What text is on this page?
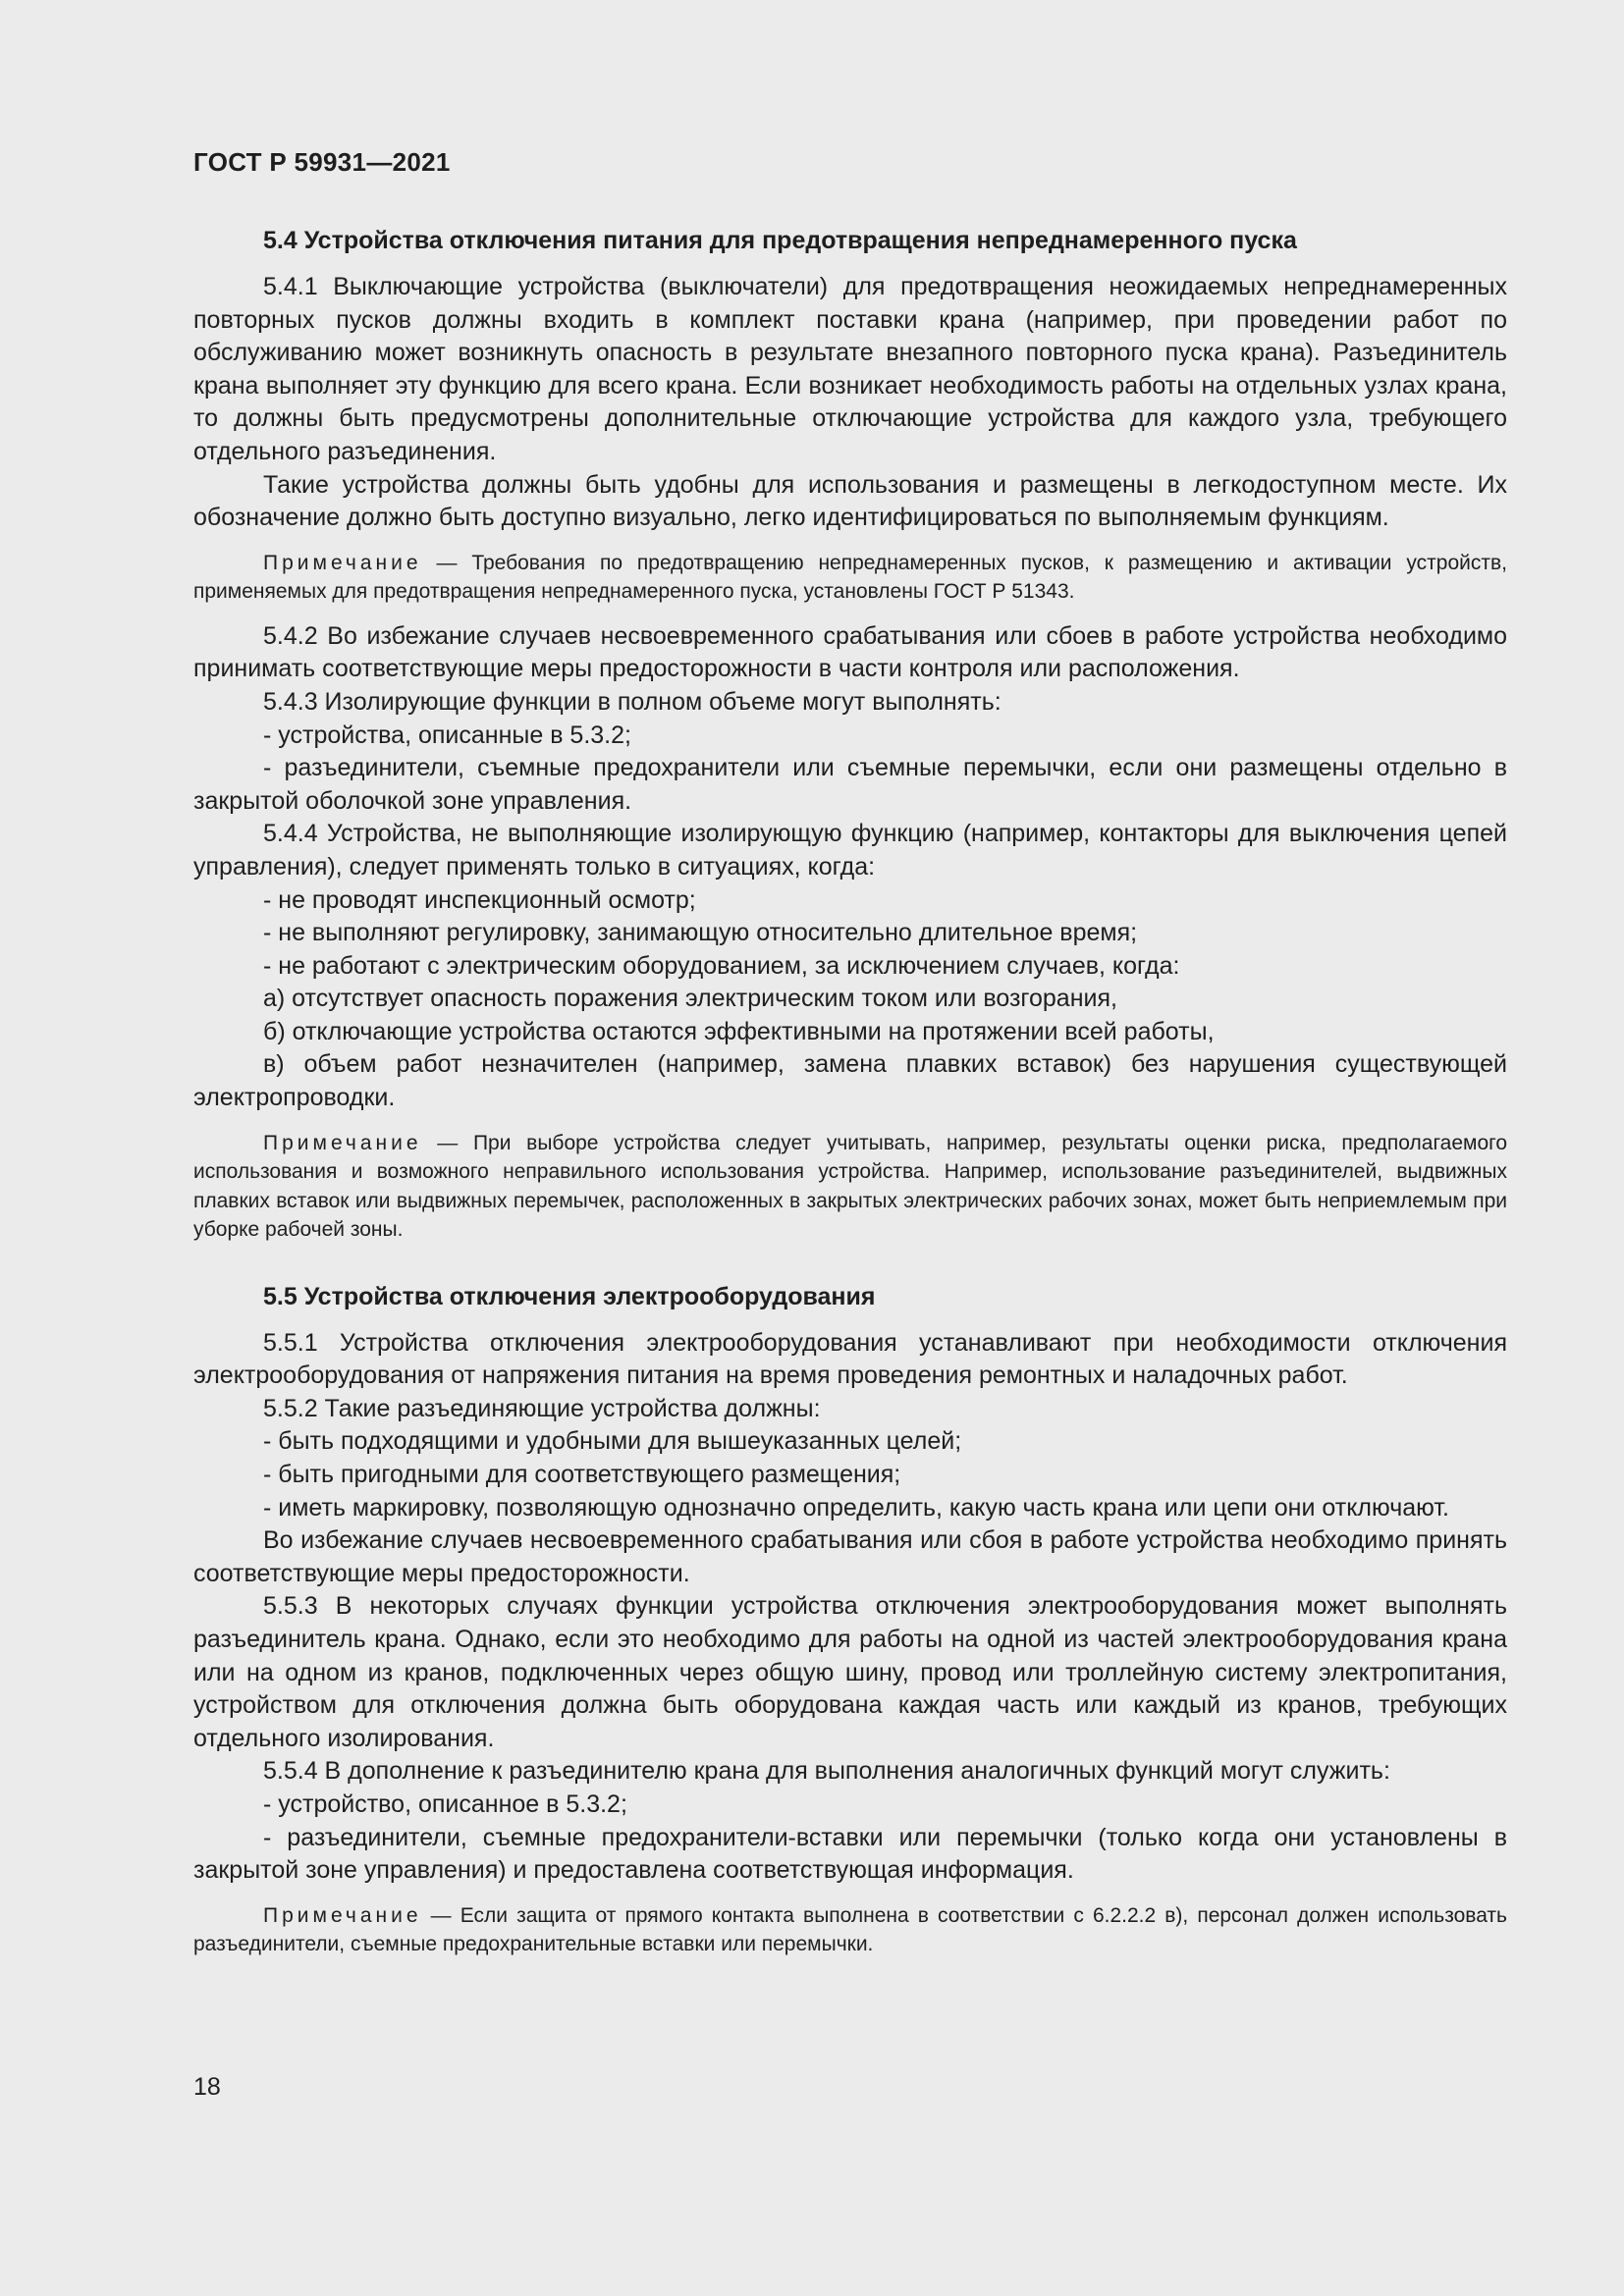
ГОСТ Р 59931—2021
5.4 Устройства отключения питания для предотвращения непреднамеренного пуска

5.4.1 Выключающие устройства (выключатели) для предотвращения неожидаемых непреднамеренных повторных пусков должны входить в комплект поставки крана (например, при проведении работ по обслуживанию может возникнуть опасность в результате внезапного повторного пуска крана). Разъединитель крана выполняет эту функцию для всего крана. Если возникает необходимость работы на отдельных узлах крана, то должны быть предусмотрены дополнительные отключающие устройства для каждого узла, требующего отдельного разъединения.

Такие устройства должны быть удобны для использования и размещены в легкодоступном месте. Их обозначение должно быть доступно визуально, легко идентифицироваться по выполняемым функциям.

Примечание — Требования по предотвращению непреднамеренных пусков, к размещению и активации устройств, применяемых для предотвращения непреднамеренного пуска, установлены ГОСТ Р 51343.

5.4.2 Во избежание случаев несвоевременного срабатывания или сбоев в работе устройства необходимо принимать соответствующие меры предосторожности в части контроля или расположения.

5.4.3 Изолирующие функции в полном объеме могут выполнять:

- устройства, описанные в 5.3.2;

- разъединители, съемные предохранители или съемные перемычки, если они размещены отдельно в закрытой оболочкой зоне управления.

5.4.4 Устройства, не выполняющие изолирующую функцию (например, контакторы для выключения цепей управления), следует применять только в ситуациях, когда:

- не проводят инспекционный осмотр;

- не выполняют регулировку, занимающую относительно длительное время;

- не работают с электрическим оборудованием, за исключением случаев, когда:

а) отсутствует опасность поражения электрическим током или возгорания,

б) отключающие устройства остаются эффективными на протяжении всей работы,

в) объем работ незначителен (например, замена плавких вставок) без нарушения существующей электропроводки.

Примечание — При выборе устройства следует учитывать, например, результаты оценки риска, предполагаемого использования и возможного неправильного использования устройства. Например, использование разъединителей, выдвижных плавких вставок или выдвижных перемычек, расположенных в закрытых электрических рабочих зонах, может быть неприемлемым при уборке рабочей зоны.
5.5 Устройства отключения электрооборудования

5.5.1 Устройства отключения электрооборудования устанавливают при необходимости отключения электрооборудования от напряжения питания на время проведения ремонтных и наладочных работ.

5.5.2 Такие разъединяющие устройства должны:

- быть подходящими и удобными для вышеуказанных целей;

- быть пригодными для соответствующего размещения;

- иметь маркировку, позволяющую однозначно определить, какую часть крана или цепи они отключают.

Во избежание случаев несвоевременного срабатывания или сбоя в работе устройства необходимо принять соответствующие меры предосторожности.

5.5.3 В некоторых случаях функции устройства отключения электрооборудования может выполнять разъединитель крана. Однако, если это необходимо для работы на одной из частей электрооборудования крана или на одном из кранов, подключенных через общую шину, провод или троллейную систему электропитания, устройством для отключения должна быть оборудована каждая часть или каждый из кранов, требующих отдельного изолирования.

5.5.4 В дополнение к разъединителю крана для выполнения аналогичных функций могут служить:

- устройство, описанное в 5.3.2;

- разъединители, съемные предохранители-вставки или перемычки (только когда они установлены в закрытой зоне управления) и предоставлена соответствующая информация.

Примечание — Если защита от прямого контакта выполнена в соответствии с 6.2.2.2 в), персонал должен использовать разъединители, съемные предохранительные вставки или перемычки.
18
